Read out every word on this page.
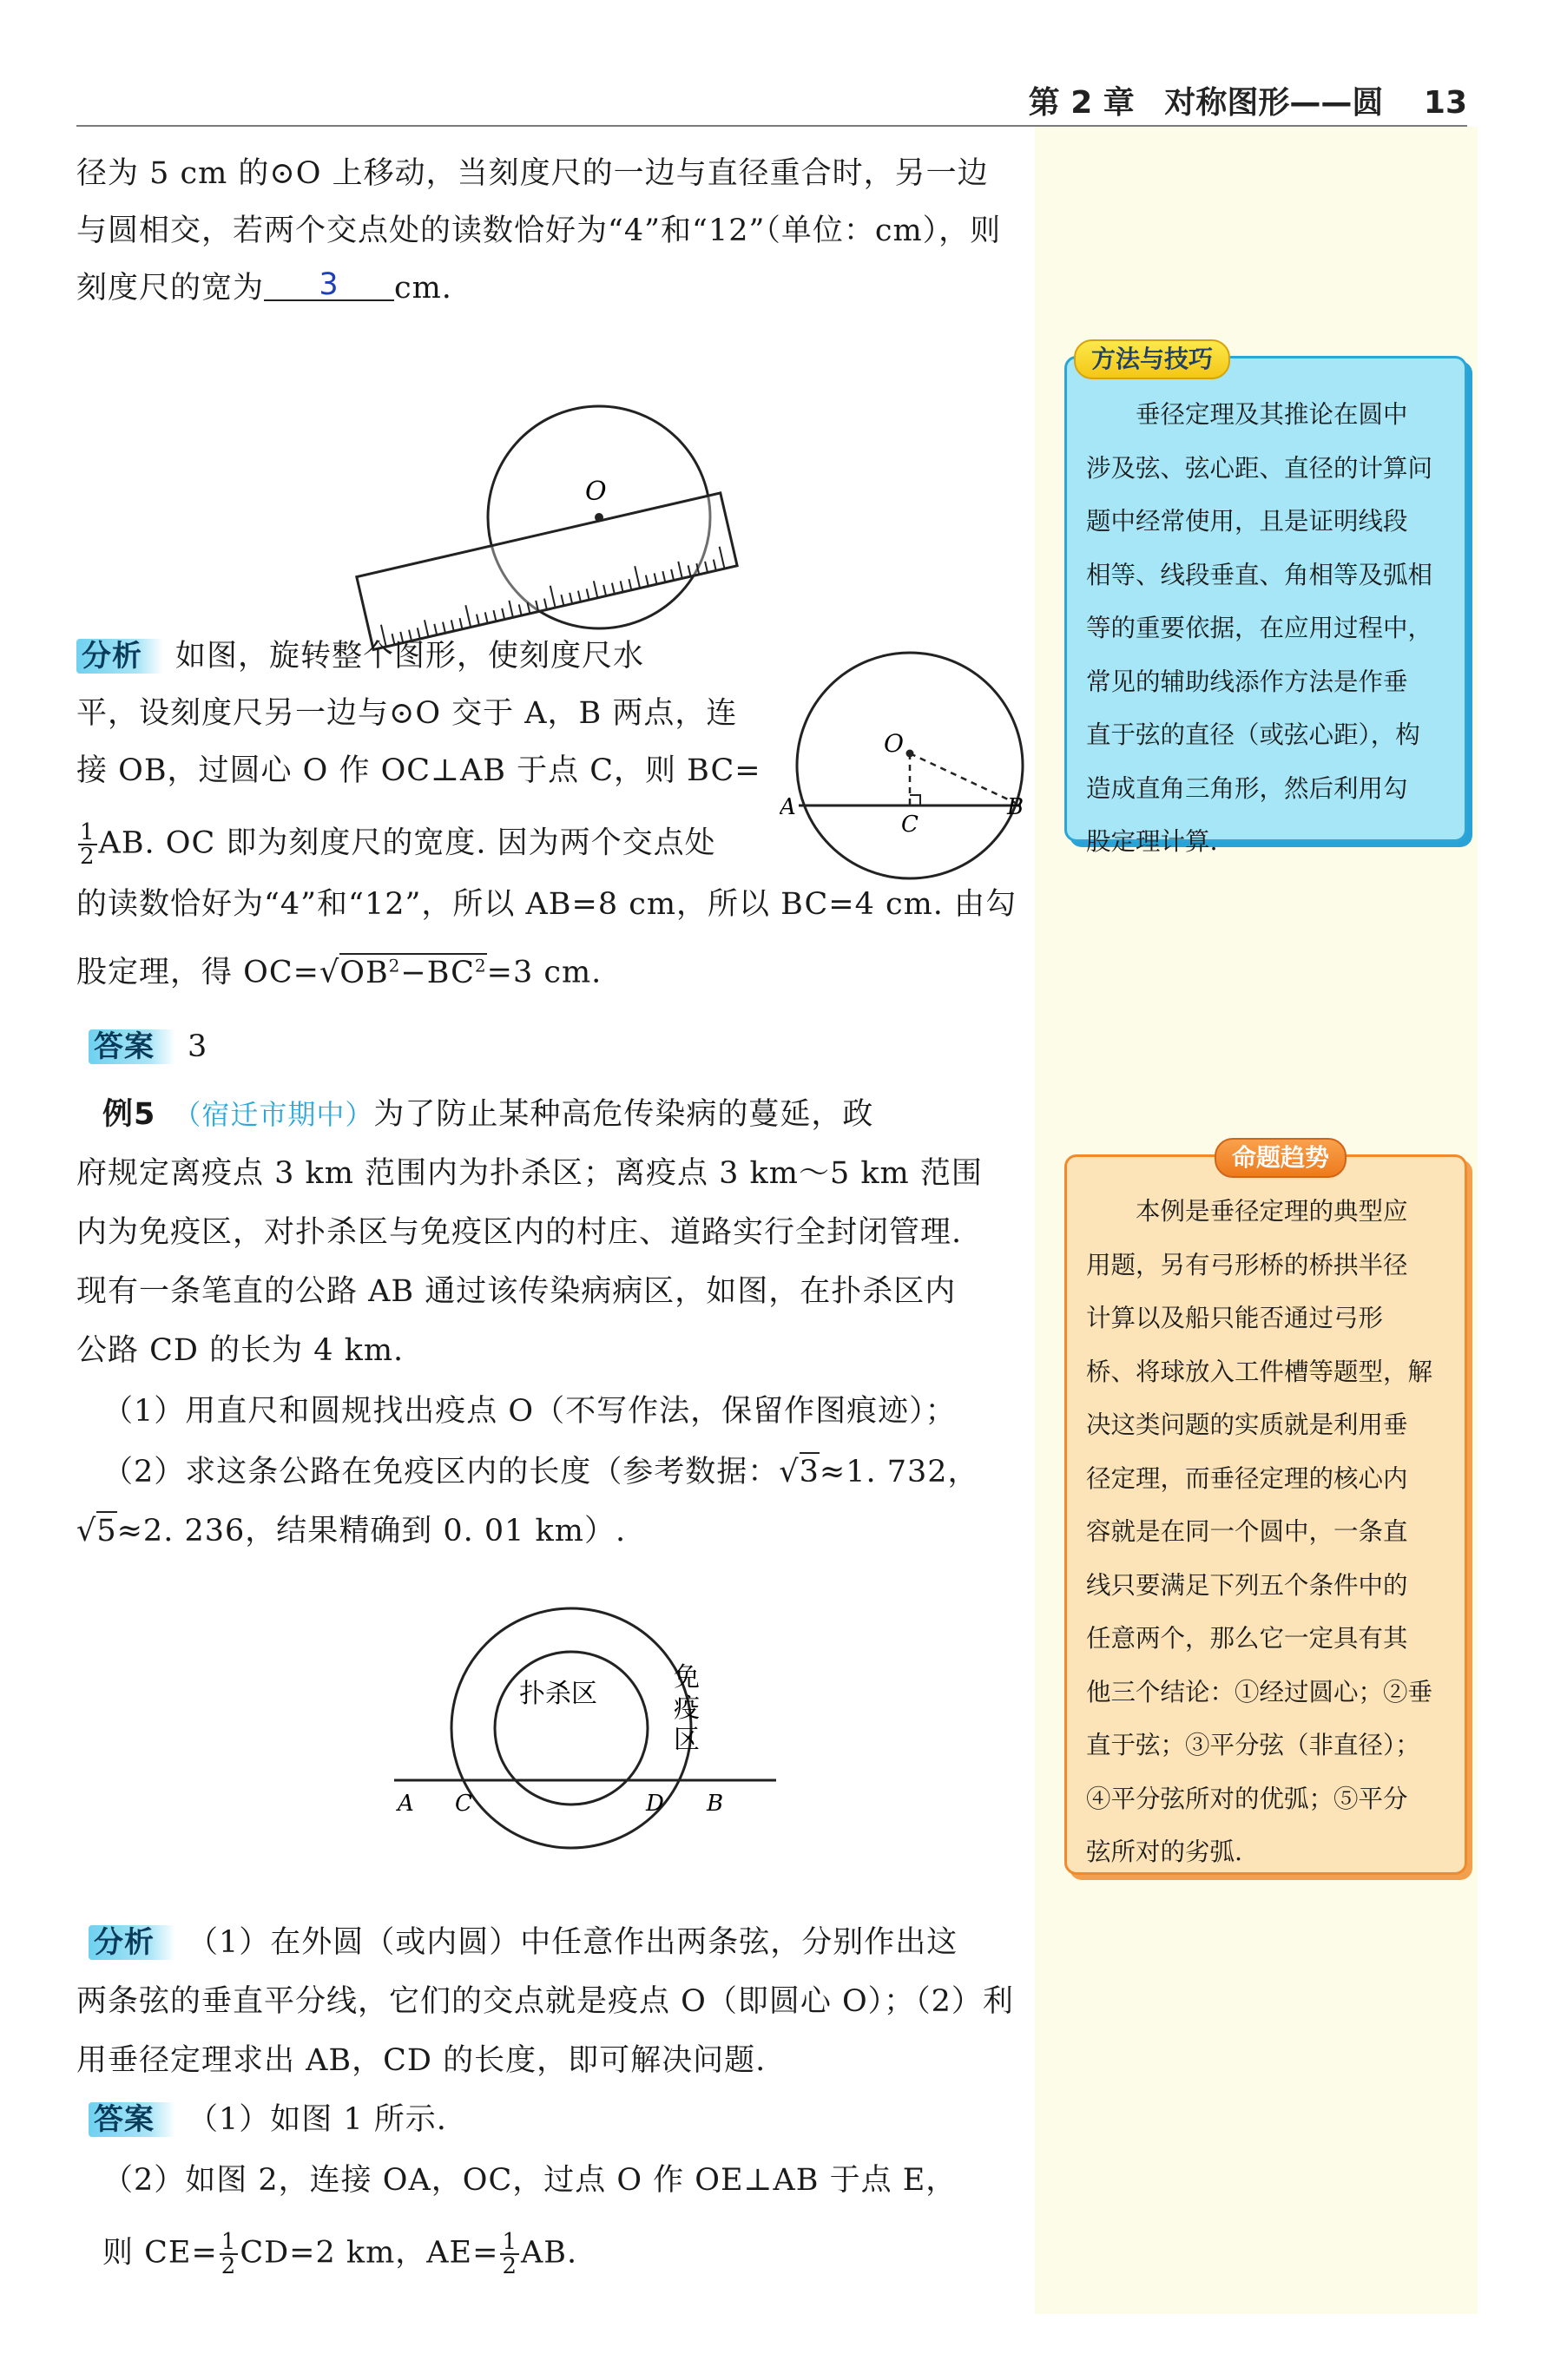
第 2 章 对称图形——圆 13
径为 5 cm 的⊙O 上移动，当刻度尺的一边与直径重合时，另一边
与圆相交，若两个交点处的读数恰好为“4”和“12”（单位：cm），则
刻度尺的宽为 3 cm.
O
分析 如图，旋转整个图形，使刻度尺水
平，设刻度尺另一边与⊙O 交于 A，B 两点，连
接 OB，过圆心 O 作 OC⊥AB 于点 C，则 BC=
$\frac{1}{2}$ AB. OC 即为刻度尺的宽度. 因为两个交点处
的读数恰好为“4”和“12”，所以 AB=8 cm，所以 BC=4 cm. 由勾
股定理，得 $OC=√OB^2-BC^2=3$ cm.
O
A	B
C
答案 3
例5　 （宿迁市期中）为了防止某种高危传染病的蔓延，政
府规定离疫点 3 km 范围内为扑杀区；离疫点 3 km～5 km 范围
内为免疫区，对扑杀区与免疫区内的村庄、道路实行全封闭管理.
现有一条笔直的公路 AB 通过该传染病病区，如图，在扑杀区内
公路 CD 的长为 4 km.
（1）用直尺和圆规找出疫点 O（不写作法，保留作图痕迹）；
（2）求这条公路在免疫区内的长度（参考数据：√3≈1. 732，
√5≈2. 236，结果精确到 0. 01 km）.
扑杀区
免
疫
区
A C	D B
分析 （1）在外圆（或内圆）中任意作出两条弦，分别作出这
两条弦的垂直平分线，它们的交点就是疫点 O（即圆心 O）；（2）利
用垂径定理求出 AB，CD 的长度，即可解决问题.
答案 （1）如图 1 所示.
（2）如图 2，连接 OA，OC，过点 O 作 OE⊥AB 于点 E，
则 $CE= \frac{1}{2} CD=2$ km，$AE= \frac{1}{2}$ AB.
方法与技巧
　　垂径定理及其推论在圆中
涉及弦、弦心距、直径的计算问
题中经常使用，且是证明线段
相等、线段垂直、角相等及弧相
等的重要依据，在应用过程中，
常见的辅助线添作方法是作垂
直于弦的直径（或弦心距），构
造成直角三角形，然后利用勾
股定理计算.
命题趋势
　　本例是垂径定理的典型应
用题，另有弓形桥的桥拱半径
计算以及船只能否通过弓形
桥、将球放入工件槽等题型，解
决这类问题的实质就是利用垂
径定理，而垂径定理的核心内
容就是在同一个圆中，一条直
线只要满足下列五个条件中的
任意两个，那么它一定具有其
他三个结论：①经过圆心；②垂
直于弦；③平分弦（非直径）；
④平分弦所对的优弧；⑤平分
弦所对的劣弧.
